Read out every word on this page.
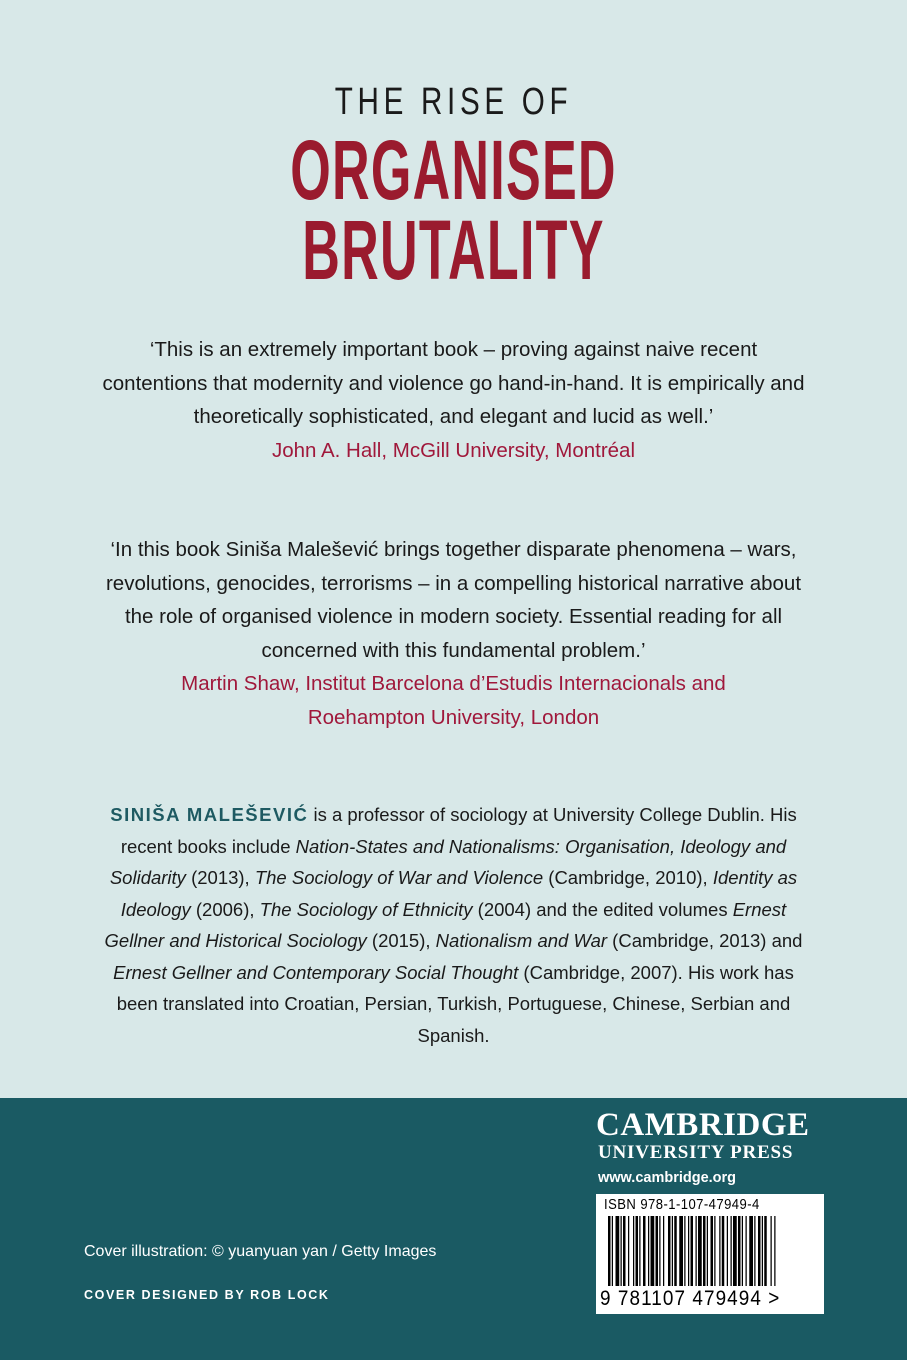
THE RISE OF
ORGANISED
BRUTALITY
‘This is an extremely important book – proving against naive recent contentions that modernity and violence go hand-in-hand. It is empirically and theoretically sophisticated, and elegant and lucid as well.’
John A. Hall, McGill University, Montréal
‘In this book Siniša Malešević brings together disparate phenomena – wars, revolutions, genocides, terrorisms – in a compelling historical narrative about the role of organised violence in modern society. Essential reading for all concerned with this fundamental problem.’
Martin Shaw, Institut Barcelona d’Estudis Internacionals and
Roehampton University, London
SINIŠA MALEŠEVIĆ is a professor of sociology at University College Dublin. His recent books include Nation-States and Nationalisms: Organisation, Ideology and Solidarity (2013), The Sociology of War and Violence (Cambridge, 2010), Identity as Ideology (2006), The Sociology of Ethnicity (2004) and the edited volumes Ernest Gellner and Historical Sociology (2015), Nationalism and War (Cambridge, 2013) and Ernest Gellner and Contemporary Social Thought (Cambridge, 2007). His work has been translated into Croatian, Persian, Turkish, Portuguese, Chinese, Serbian and Spanish.
Cover illustration: © yuanyuan yan / Getty Images
COVER DESIGNED BY ROB LOCK
CAMBRIDGE
UNIVERSITY PRESS
www.cambridge.org
ISBN 978-1-107-47949-4
9 781107 479494 >
